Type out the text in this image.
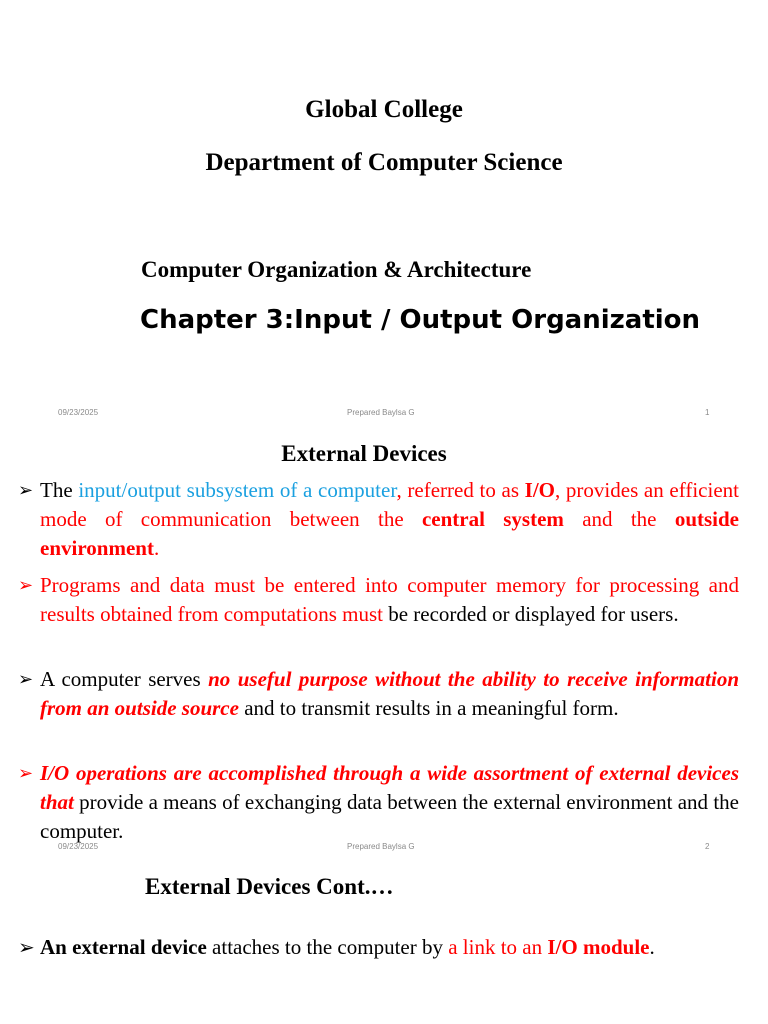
Global College
Department of Computer Science
Computer Organization & Architecture
Chapter 3:Input / Output Organization
09/23/2025	Prepared Baylsa G	1
External Devices
➢ The input/output subsystem of a computer, referred to as I/O, provides an efficient mode of communication between the central system and the outside environment.
➢ Programs and data must be entered into computer memory for processing and results obtained from computations must be recorded or displayed for users.
➢ A computer serves no useful purpose without the ability to receive information from an outside source and to transmit results in a meaningful form.
➢ I/O operations are accomplished through a wide assortment of external devices that provide a means of exchanging data between the external environment and the computer.
09/23/2025	Prepared Baylsa G	2
External Devices Cont.…
➢ An external device attaches to the computer by a link to an I/O module.
